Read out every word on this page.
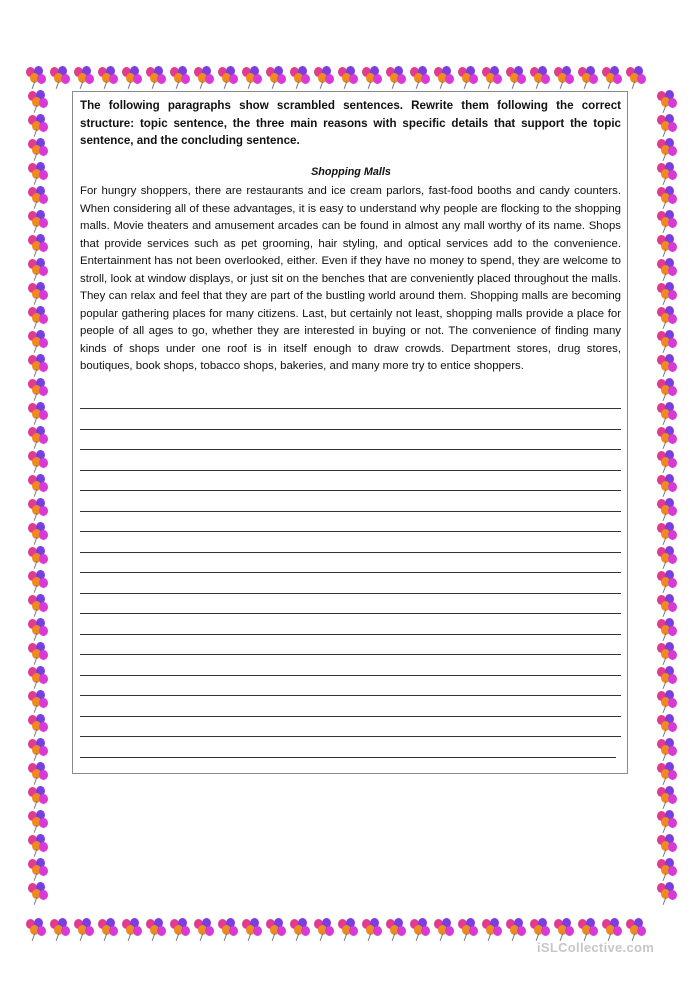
The following paragraphs show scrambled sentences. Rewrite them following the correct structure: topic sentence, the three main reasons with specific details that support the topic sentence, and the concluding sentence.

Shopping Malls

For hungry shoppers, there are restaurants and ice cream parlors, fast-food booths and candy counters. When considering all of these advantages, it is easy to understand why people are flocking to the shopping malls. Movie theaters and amusement arcades can be found in almost any mall worthy of its name. Shops that provide services such as pet grooming, hair styling, and optical services add to the convenience. Entertainment has not been overlooked, either. Even if they have no money to spend, they are welcome to stroll, look at window displays, or just sit on the benches that are conveniently placed throughout the malls. They can relax and feel that they are part of the bustling world around them. Shopping malls are becoming popular gathering places for many citizens. Last, but certainly not least, shopping malls provide a place for people of all ages to go, whether they are interested in buying or not. The convenience of finding many kinds of shops under one roof is in itself enough to draw crowds. Department stores, drug stores, boutiques, book shops, tobacco shops, bakeries, and many more try to entice shoppers.

iSLCollective.com
